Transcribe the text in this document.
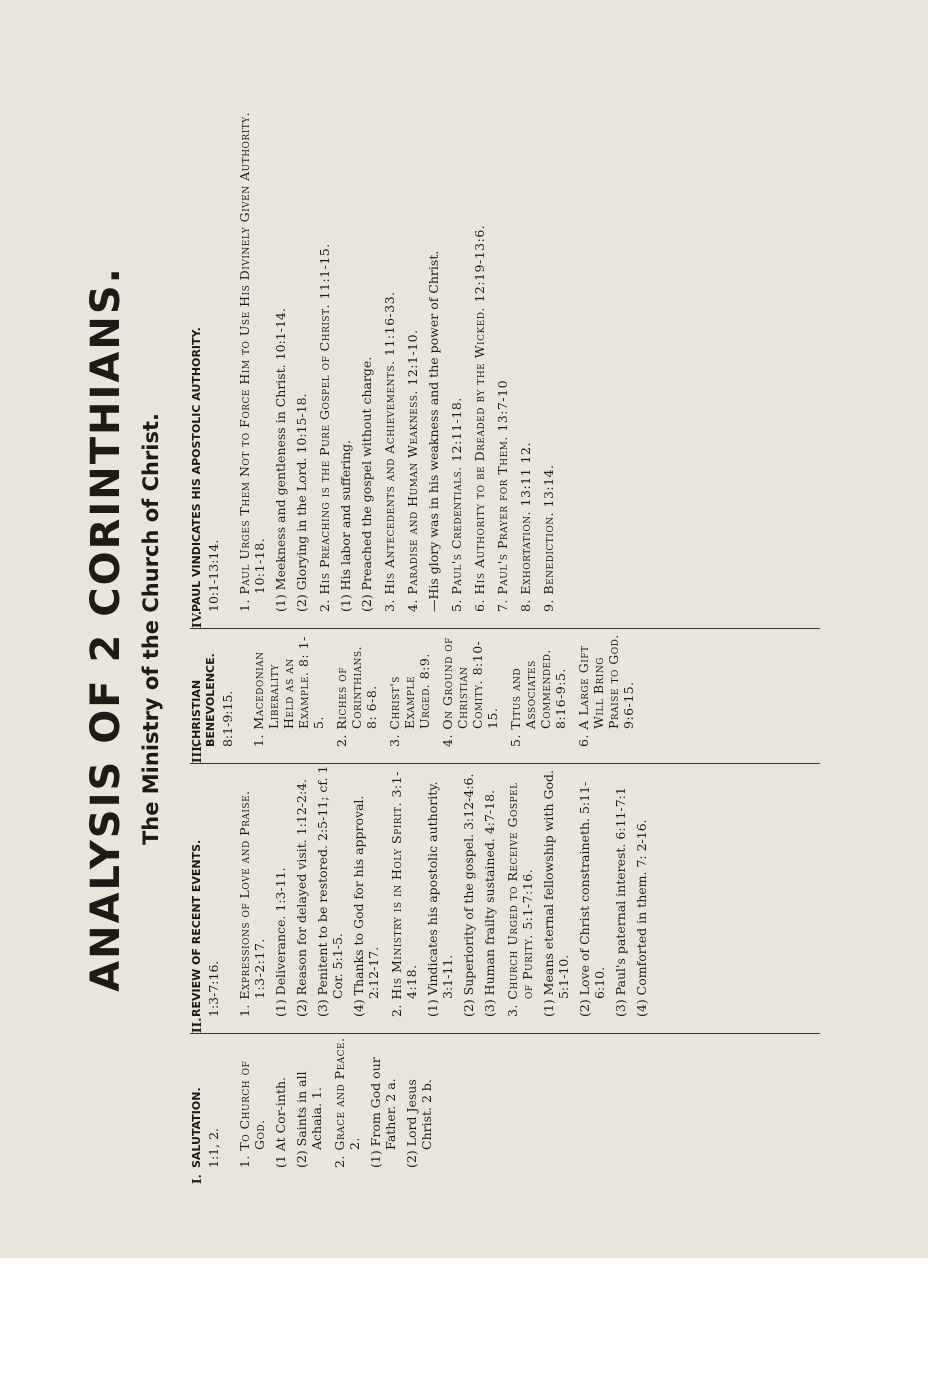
ANALYSIS OF 2 CORINTHIANS. The Ministry of the Church of Christ.
I.
SALUTATION. 1:1, 2. 1. To Church of God. (1 At Cor-inth. (2) Saints in all Achaia. 1. 2. Grace and Peace. 2. (1) From God our Father. 2 a. (2) Lord Jesus Christ. 2 b.
II.
REVIEW OF RECENT EVENTS. 1:3-7:16. 1. Expressions of Love and Praise. 1:3-2:17. (1) Deliverance. 1:3-11. (2) Reason for delayed visit. 1:12-2:4. (3) Penitent to be restored. 2:5-11; cf. 1 Cor. 5:1-5. (4) Thanks to God for his approval. 2:12-17. 2. His Ministry is in Holy Spirit. 3:1-4:18. (1) Vindicates his apostolic authority. 3:1-11. (2) Superiority of the gospel. 3:12-4:6. (3) Human frailty sustained. 4:7-18. 3. Church Urged to Receive Gospel of Purity. 5:1-7:16. (1) Means eternal fellowship with God. 5:1-10. (2) Love of Christ constraineth. 5:11-6:10. (3) Paul's paternal interest. 6:11-7:1 (4) Comforted in them. 7: 2-16.
III.
CHRISTIAN BENEVOLENCE. 8:1-9:15. 1. Macedonian Liberality Held as an Example. 8: 1-5. 2. Riches of Corinthians. 8: 6-8. 3. Christ's Example Urged. 8:9. 4. On Ground of Christian Comity. 8:10-15. 5. Titus and Associates Commended. 8:16-9:5. 6. A Large Gift Will Bring Praise to God. 9:6-15.
IV.
PAUL VINDICATES HIS APOSTOLIC AUTHORITY. 10:1-13:14. 1. Paul Urges Them Not to Force Him to Use His Divinely Given Authority. 10:1-18. (1) Meekness and gentleness in Christ. 10:1-14. (2) Glorying in the Lord. 10:15-18. 2. His Preaching is the Pure Gospel of Christ. 11:1-15. (1) His labor and suffering. (2) Preached the gospel without charge. 3. His Antecedents and Achievements. 11:16-33. 4. Paradise and Human Weakness. 12:1-10. —His glory was in his weakness and the power of Christ. 5. Paul's Credentials. 12:11-18. 6. His Authority to be Dreaded by the Wicked. 12:19-13:6. 7. Paul's Prayer for Them. 13:7-10 8. Exhortation. 13:11 12. 9. Benediction. 13:14.
